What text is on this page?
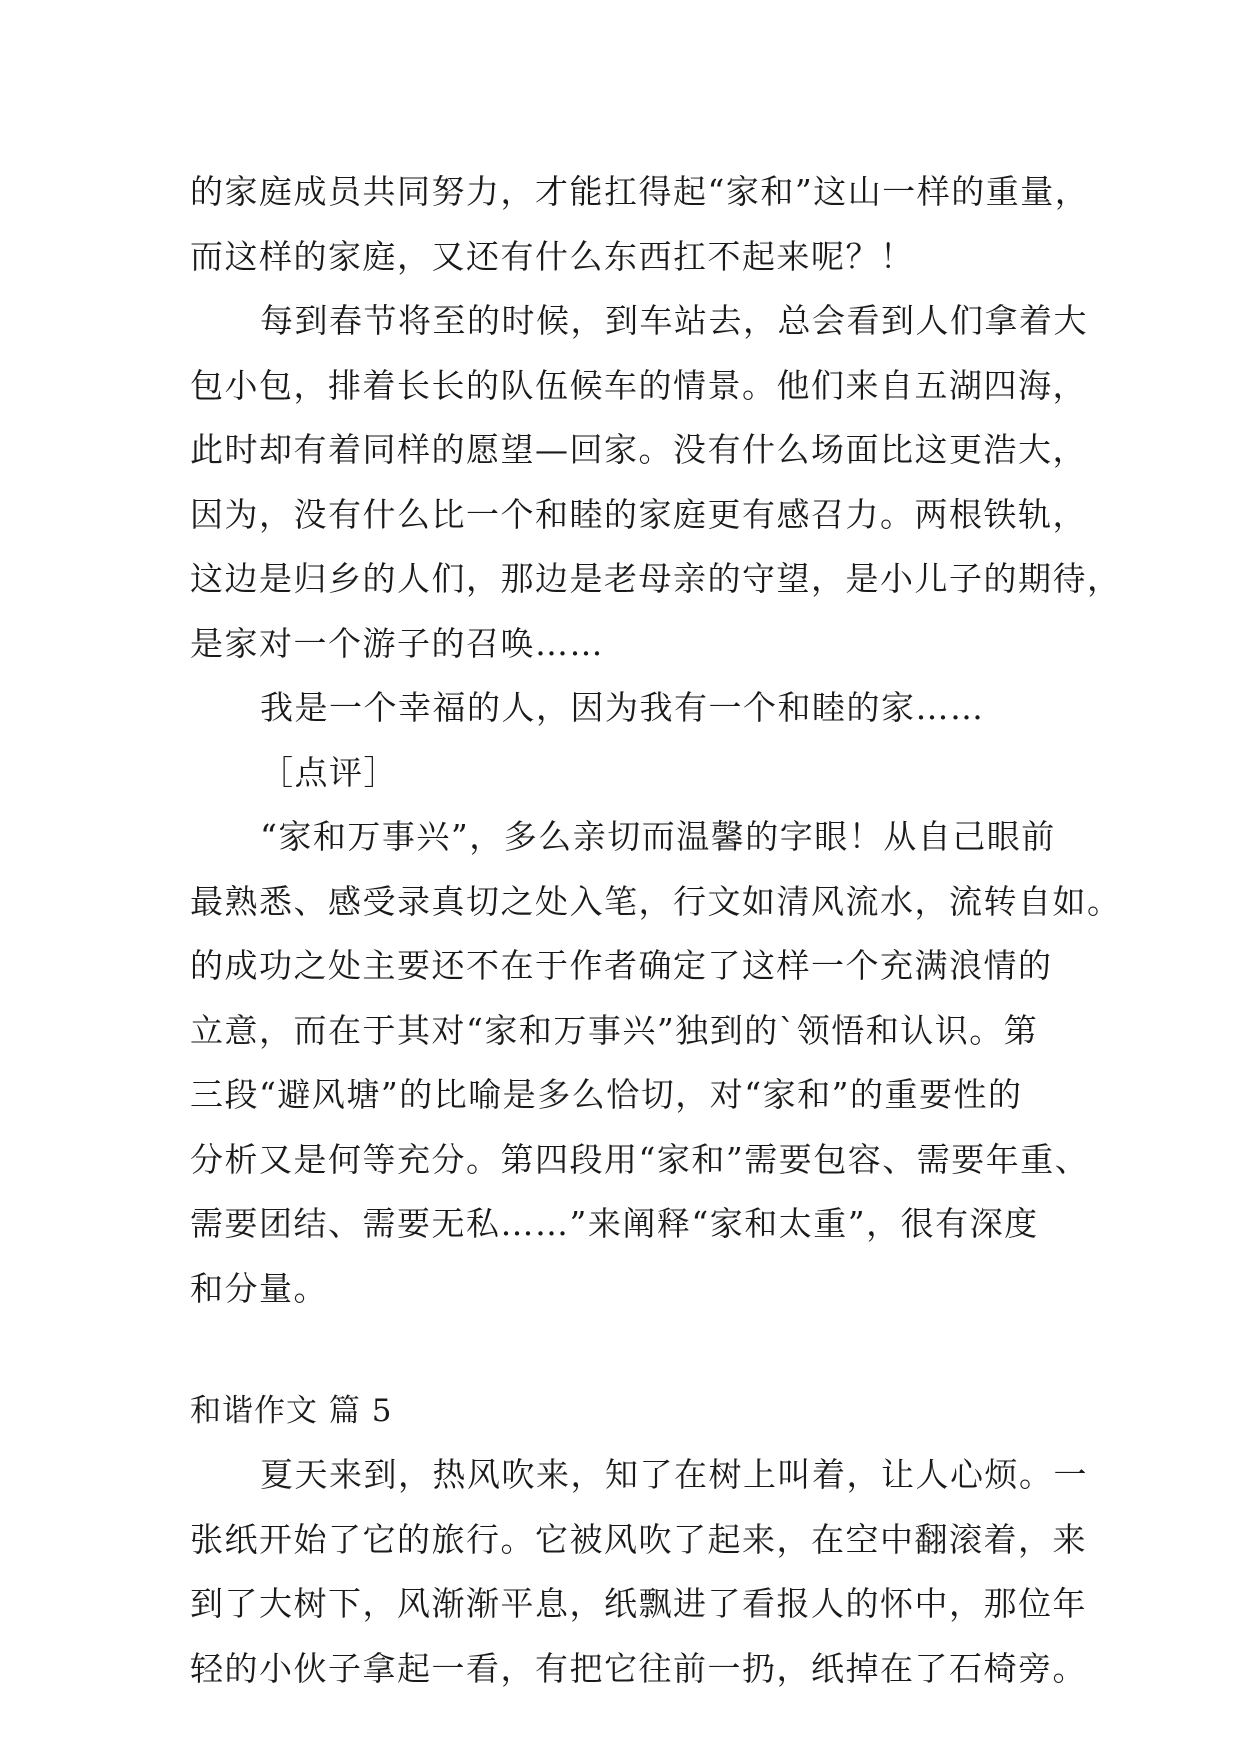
的家庭成员共同努力，才能扛得起“家和”这山一样的重量，
而这样的家庭，又还有什么东西扛不起来呢？！
每到春节将至的时候，到车站去，总会看到人们拿着大
包小包，排着长长的队伍候车的情景。他们来自五湖四海，
此时却有着同样的愿望—回家。没有什么场面比这更浩大，
因为，没有什么比一个和睦的家庭更有感召力。两根铁轨，
这边是归乡的人们，那边是老母亲的守望，是小儿子的期待，
是家对一个游子的召唤……
我是一个幸福的人，因为我有一个和睦的家……
［点评］
“家和万事兴”，多么亲切而温馨的字眼！从自己眼前
最熟悉、感受录真切之处入笔，行文如清风流水，流转自如。
的成功之处主要还不在于作者确定了这样一个充满浪情的
立意，而在于其对“家和万事兴”独到的`领悟和认识。第
三段“避风塘”的比喻是多么恰切，对“家和”的重要性的
分析又是何等充分。第四段用“家和”需要包容、需要年重、
需要团结、需要无私……”来阐释“家和太重”，很有深度
和分量。
和谐作文 篇 5
夏天来到，热风吹来，知了在树上叫着，让人心烦。一
张纸开始了它的旅行。它被风吹了起来，在空中翻滚着，来
到了大树下，风渐渐平息，纸飘进了看报人的怀中，那位年
轻的小伙子拿起一看，有把它往前一扔，纸掉在了石椅旁。
